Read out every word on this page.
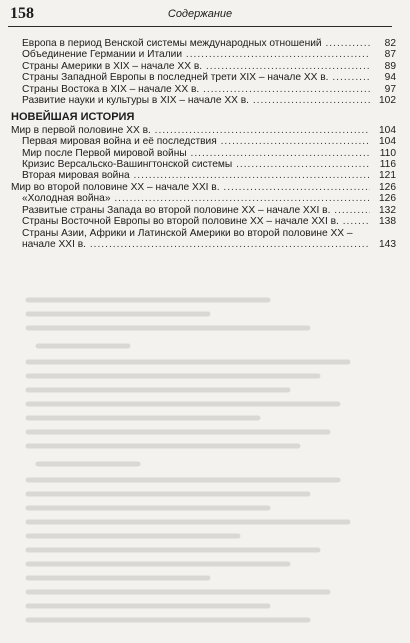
158	Содержание
Европа в период Венской системы международных отношений .....	82
Объединение Германии и Италии .....	87
Страны Америки в XIX – начале XX в. .....	89
Страны Западной Европы в последней трети XIX – начале XX в. .....	94
Страны Востока в XIX – начале XX в. .....	97
Развитие науки и культуры в XIX – начале XX в. .....	102
НОВЕЙШАЯ ИСТОРИЯ
Мир в первой половине XX в. .....	104
Первая мировая война и её последствия .....	104
Мир после Первой мировой войны .....	110
Кризис Версальско-Вашингтонской системы .....	116
Вторая мировая война .....	121
Мир во второй половине XX – начале XXI в. .....	126
«Холодная война» .....	126
Развитые страны Запада во второй половине XX – начале XXI в. .....	132
Страны Восточной Европы во второй половине XX – начале XXI в. .....	138
Страны Азии, Африки и Латинской Америки во второй половине XX –
начале XXI в. .....	143
